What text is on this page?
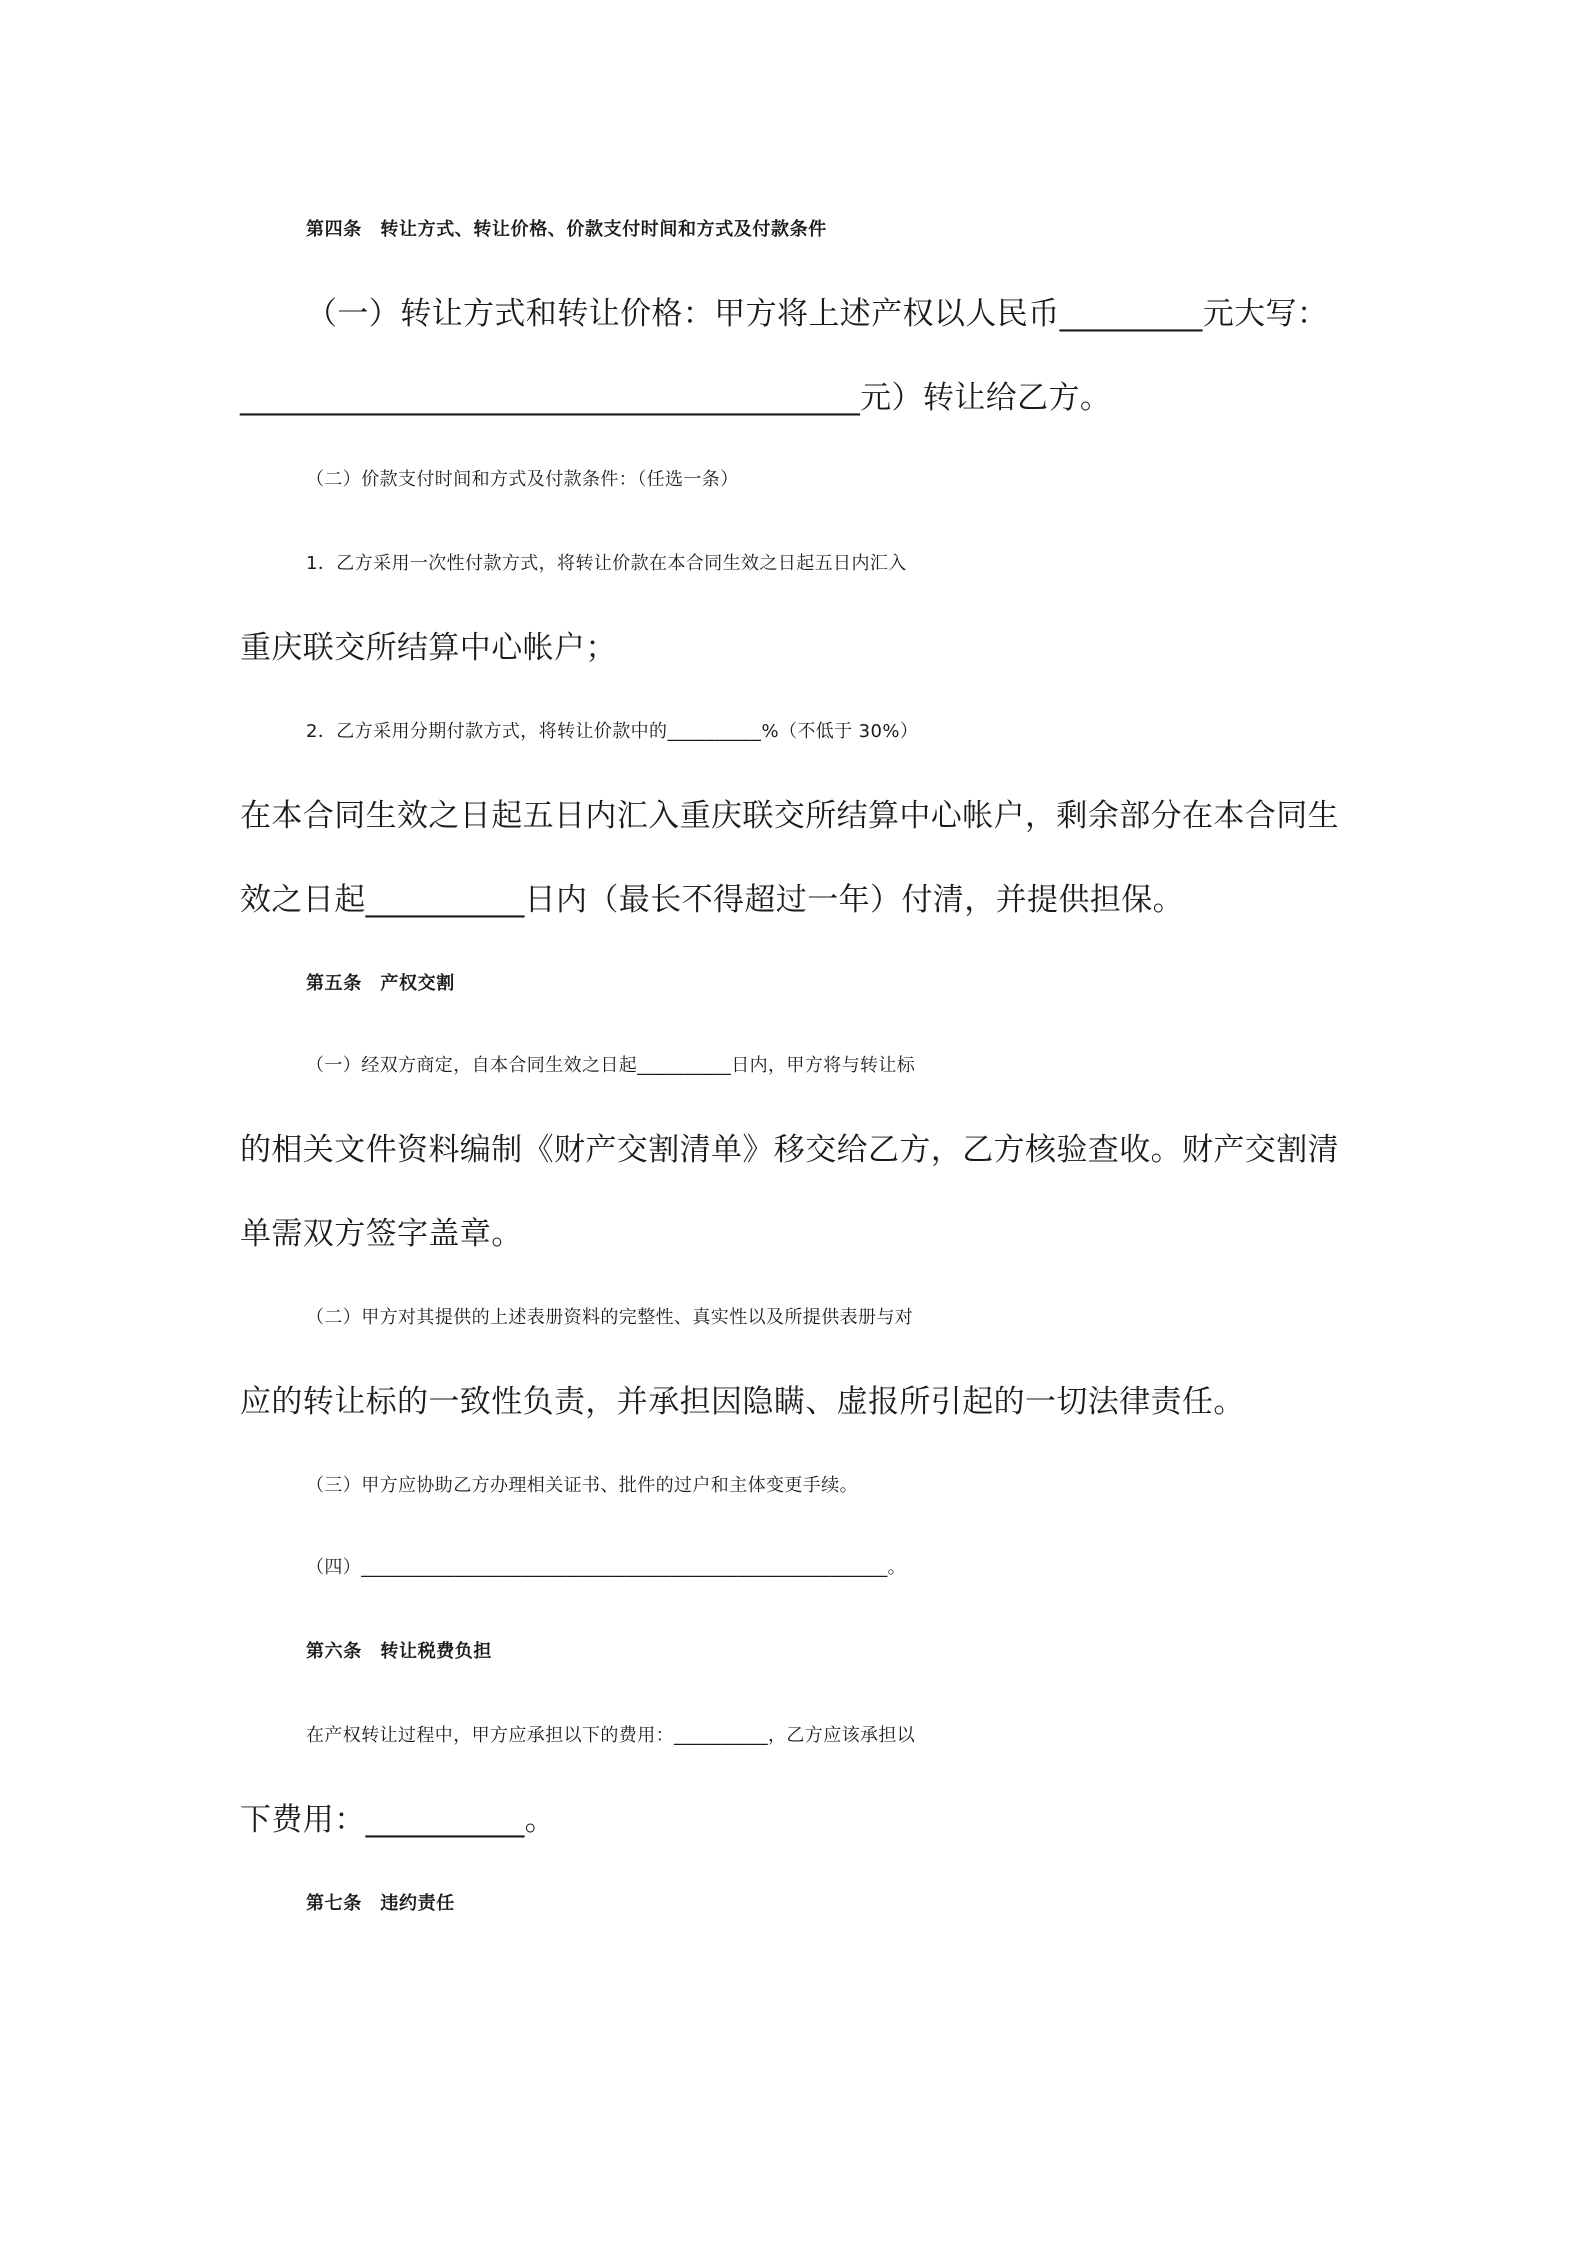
第四条　转让方式、转让价格、价款支付时间和方式及付款条件
（一）转让方式和转让价格：甲方将上述产权以人民币_________元大写：
_______________________________________元）转让给乙方。
（二）价款支付时间和方式及付款条件：（任选一条）
1．乙方采用一次性付款方式，将转让价款在本合同生效之日起五日内汇入
重庆联交所结算中心帐户；
2．乙方采用分期付款方式，将转让价款中的__________%（不低于 30%）
在本合同生效之日起五日内汇入重庆联交所结算中心帐户，剩余部分在本合同生
效之日起__________日内（最长不得超过一年）付清，并提供担保。
第五条　产权交割
（一）经双方商定，自本合同生效之日起__________日内，甲方将与转让标
的相关文件资料编制《财产交割清单》移交给乙方，乙方核验查收。财产交割清
单需双方签字盖章。
（二）甲方对其提供的上述表册资料的完整性、真实性以及所提供表册与对
应的转让标的一致性负责，并承担因隐瞒、虚报所引起的一切法律责任。
（三）甲方应协助乙方办理相关证书、批件的过户和主体变更手续。
（四）________________________________________________________。
第六条　转让税费负担
在产权转让过程中，甲方应承担以下的费用：__________，乙方应该承担以
下费用：__________。
第七条　违约责任
